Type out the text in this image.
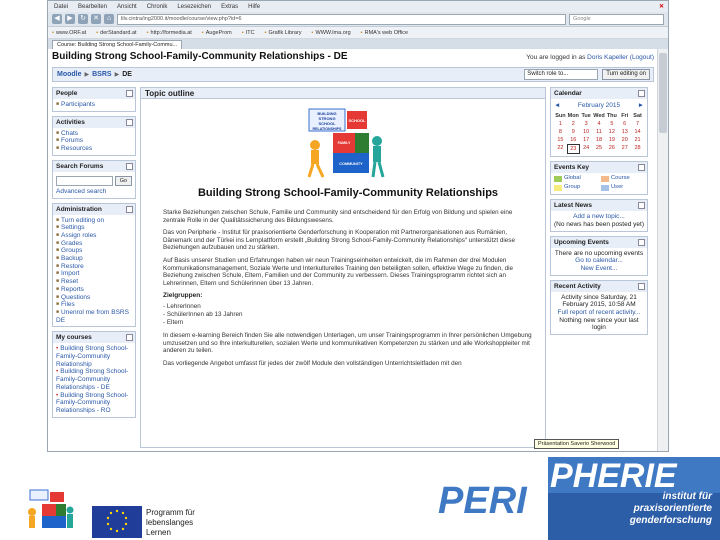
Datei Bearbeiten Ansicht Chronik Lesezeichen Extras Hilfe	✕
◀	▶	↻ ✕	⌂	lilv.cintra/ing2000.it/moodle/course/view.php?id=6	Google
▪ www.ORF.at	▪ derStandard.at	▪ http://formedia.at	▪ AugeProm	▪ ITC	▪ Grafik Library	▪ WWW.lma.org	▪ RMA's web Office
Course: Building Strong School-Family-Commu...
Building Strong School-Family-Community Relationships - DE	You are logged in as Doris Kapeller (Logout)
Moodle ▶ BSRS ▶ DE	Switch role to...	Turn editing on
People
■ Participants
Activities
■ Chats
■ Forums
■ Resources
Search Forums
Go
Advanced search
Administration
■ Turn editing on
■ Settings
■ Assign roles
■ Grades
■ Groups
■ Backup
■ Restore
■ Import
■ Reset
■ Reports
■ Questions
■ Files
■ Unenrol me from BSRS DE
My courses
• Building Strong School-Family-Community Relationship
• Building Strong School-Family-Community Relationships - DE
• Building Strong School-Family-Community Relationships - RO
Topic outline
BUILDING
STRONG
SCHOOL
RELATIONSHIPS
SCHOOL
FAMILY
COMMUNITY
Building Strong School-Family-Community Relationships

Starke Beziehungen zwischen Schule, Familie und Community sind entscheidend für den Erfolg von Bildung und spielen eine zentrale Rolle in der Qualitätssicherung des Bildungswesens.

Das von Peripherie - Institut für praxisorientierte Genderforschung in Kooperation mit Partnerorganisationen aus Rumänien, Dänemark und der Türkei ins Lernplattform erstellt „Building Strong School-Family-Community Relationships“ unterstützt diese Beziehungen aufzubauen und zu stärken.

Auf Basis unserer Studien und Erfahrungen haben wir neun Trainingseinheiten entwickelt, die im Rahmen der drei Modulen Kommunikationsmanagement, Soziale Werte und Interkulturelles Training den beteiligten sollen, effektive Wege zu finden, die Beziehung zwischen Schule, Eltern, Familien und der Community zu verbessern. Dieses Trainingsprogramm richtet sich an Lehrerinnen, Eltern und Schülerinnen über 13 Jahren.

Zielgruppen:
- LehrerInnen
- SchülerInnen ab 13 Jahren
- Eltern

In diesem e-learning Bereich finden Sie alle notwendigen Unterlagen, um unser Trainingsprogramm in Ihrer persönlichen Umgebung umzusetzen und so Ihre interkulturellen, sozialen Werte und kommunikativen Kompetenzen zu stärken und alle Workshoppleiter mit anderen zu teilen.

Das vorliegende Angebot umfasst für jedes der zwölf Module den vollständigen Unterrichtsleitfaden mit den

Calendar
◄	February 2015	►
Sun Mon Tue Wed Thu Fri Sat
1	2	3	4	5	6	7
8	9	10	11	12	13	14
15	16	17	18	19	20	21
22	23	24	25	26	27	28
Events Key
Global	Course
Group	User
Latest News
Add a new topic...
(No news has been posted yet)
Upcoming Events
There are no upcoming events
Go to calendar...
New Event...
Recent Activity
Activity since Saturday, 21 February 2015, 10:58 AM
Full report of recent activity...
Nothing new since your last login
Präsentation Saverio Sherwood
Programm für
lebenslanges
Lernen
PERI
PHERIE
institut für
praxisorientierte
genderforschung
